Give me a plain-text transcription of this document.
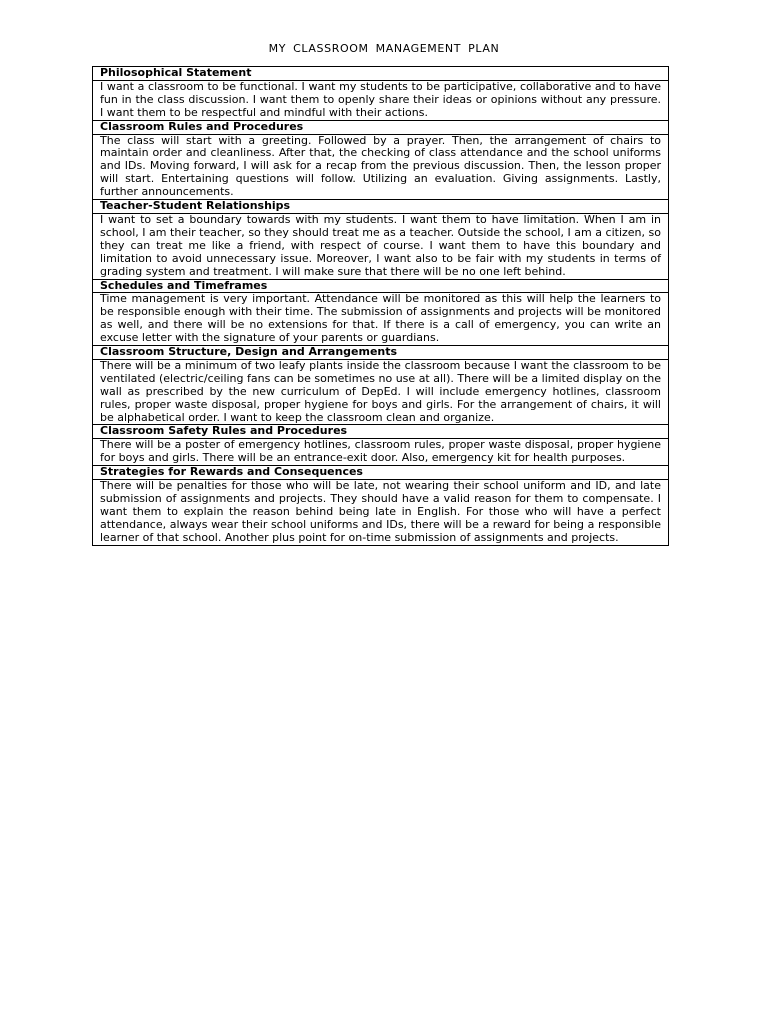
MY CLASSROOM MANAGEMENT PLAN
Philosophical Statement
I want a classroom to be functional. I want my students to be participative, collaborative and to have fun in the class discussion. I want them to openly share their ideas or opinions without any pressure. I want them to be respectful and mindful with their actions.
Classroom Rules and Procedures
The class will start with a greeting. Followed by a prayer. Then, the arrangement of chairs to maintain order and cleanliness. After that, the checking of class attendance and the school uniforms and IDs. Moving forward, I will ask for a recap from the previous discussion. Then, the lesson proper will start. Entertaining questions will follow. Utilizing an evaluation. Giving assignments. Lastly, further announcements.
Teacher-Student Relationships
I want to set a boundary towards with my students. I want them to have limitation. When I am in school, I am their teacher, so they should treat me as a teacher. Outside the school, I am a citizen, so they can treat me like a friend, with respect of course. I want them to have this boundary and limitation to avoid unnecessary issue. Moreover, I want also to be fair with my students in terms of grading system and treatment. I will make sure that there will be no one left behind.
Schedules and Timeframes
Time management is very important. Attendance will be monitored as this will help the learners to be responsible enough with their time. The submission of assignments and projects will be monitored as well, and there will be no extensions for that. If there is a call of emergency, you can write an excuse letter with the signature of your parents or guardians.
Classroom Structure, Design and Arrangements
There will be a minimum of two leafy plants inside the classroom because I want the classroom to be ventilated (electric/ceiling fans can be sometimes no use at all). There will be a limited display on the wall as prescribed by the new curriculum of DepEd. I will include emergency hotlines, classroom rules, proper waste disposal, proper hygiene for boys and girls. For the arrangement of chairs, it will be alphabetical order. I want to keep the classroom clean and organize.
Classroom Safety Rules and Procedures
There will be a poster of emergency hotlines, classroom rules, proper waste disposal, proper hygiene for boys and girls. There will be an entrance-exit door. Also, emergency kit for health purposes.
Strategies for Rewards and Consequences
There will be penalties for those who will be late, not wearing their school uniform and ID, and late submission of assignments and projects. They should have a valid reason for them to compensate. I want them to explain the reason behind being late in English. For those who will have a perfect attendance, always wear their school uniforms and IDs, there will be a reward for being a responsible learner of that school. Another plus point for on-time submission of assignments and projects.
